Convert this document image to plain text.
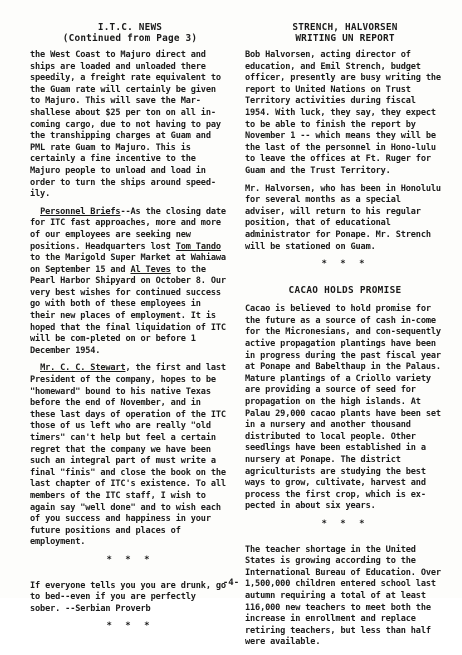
I.T.C. NEWS
(Continued from Page 3)

the West Coast to Majuro direct and ships are loaded and unloaded there speedily, a freight rate equivalent to the Guam rate will certainly be given to Majuro. This will save the Mar-shallese about $25 per ton on all in-coming cargo, due to not having to pay the transhipping charges at Guam and PML rate Guam to Majuro. This is certainly a fine incentive to the Majuro people to unload and load in order to turn the ships around speed-ily.

Personnel Briefs--As the closing date for ITC fast approaches, more and more of our employees are seeking new positions. Headquarters lost Tom Tando to the Marigold Super Market at Wahiawa on September 15 and Al Teves to the Pearl Harbor Shipyard on October 8. Our very best wishes for continued success go with both of these employees in their new places of employment. It is hoped that the final liquidation of ITC will be com-pleted on or before 1 December 1954.

Mr. C. C. Stewart, the first and last President of the company, hopes to be "homeward" bound to his native Texas before the end of November, and in these last days of operation of the ITC those of us left who are really "old timers" can't help but feel a certain regret that the company we have been such an integral part of must write a final "finis" and close the book on the last chapter of ITC's existence. To all members of the ITC staff, I wish to again say "well done" and to wish each of you success and happiness in your future positions and places of employment.

* * *

If everyone tells you you are drunk, go to bed--even if you are perfectly sober. --Serbian Proverb

* * *
STRENCH, HALVORSEN
WRITING UN REPORT

Bob Halvorsen, acting director of education, and Emil Strench, budget officer, presently are busy writing the report to United Nations on Trust Territory activities during fiscal 1954. With luck, they say, they expect to be able to finish the report by November 1 -- which means they will be the last of the personnel in Hono-lulu to leave the offices at Ft. Ruger for Guam and the Trust Territory.

Mr. Halvorsen, who has been in Honolulu for several months as a special adviser, will return to his regular position, that of educational administrator for Ponape. Mr. Strench will be stationed on Guam.

* * *
CACAO HOLDS PROMISE

Cacao is believed to hold promise for the future as a source of cash in-come for the Micronesians, and con-sequently active propagation plantings have been in progress during the past fiscal year at Ponape and Babelthaup in the Palaus. Mature plantings of a Criollo variety are providing a source of seed for propagation on the high islands. At Palau 29,000 cacao plants have been set in a nursery and another thousand distributed to local people. Other seedlings have been established in a nursery at Ponape. The district agriculturists are studying the best ways to grow, cultivate, harvest and process the first crop, which is ex-pected in about six years.

* * *

The teacher shortage in the United States is growing according to the International Bureau of Education. Over 1,500,000 children entered school last autumn requiring a total of at least 116,000 new teachers to meet both the increase in enrollment and replace retiring teachers, but less than half were available.

-4-
